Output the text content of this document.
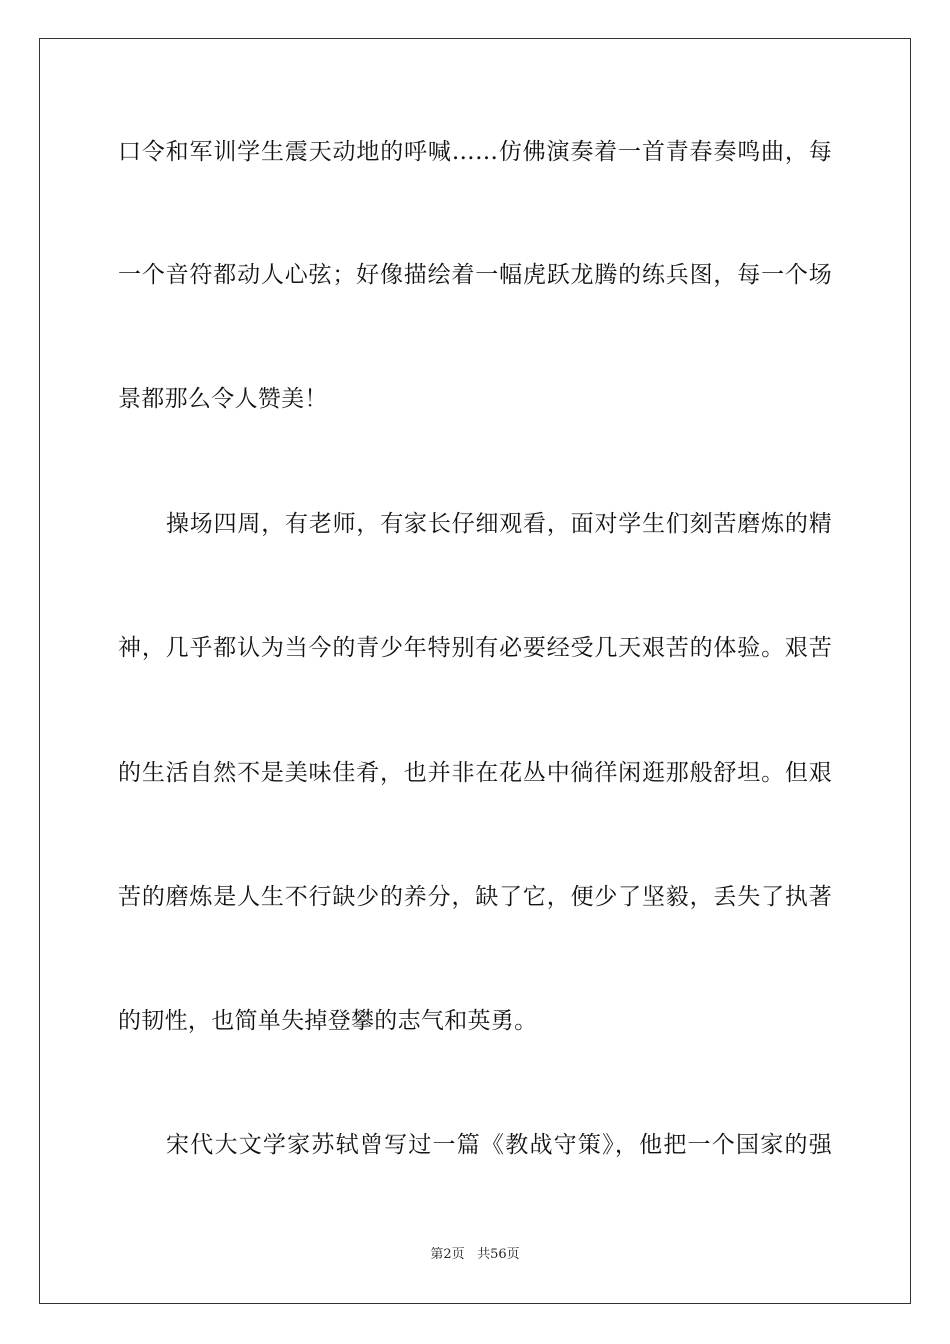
口令和军训学生震天动地的呼喊……仿佛演奏着一首青春奏鸣曲，每
一个音符都动人心弦；好像描绘着一幅虎跃龙腾的练兵图，每一个场
景都那么令人赞美！
操场四周，有老师，有家长仔细观看，面对学生们刻苦磨炼的精
神，几乎都认为当今的青少年特别有必要经受几天艰苦的体验。艰苦
的生活自然不是美味佳肴，也并非在花丛中徜徉闲逛那般舒坦。但艰
苦的磨炼是人生不行缺少的养分，缺了它，便少了坚毅，丢失了执著
的韧性，也简单失掉登攀的志气和英勇。
宋代大文学家苏轼曾写过一篇《教战守策》，他把一个国家的强
第2页 共56页
